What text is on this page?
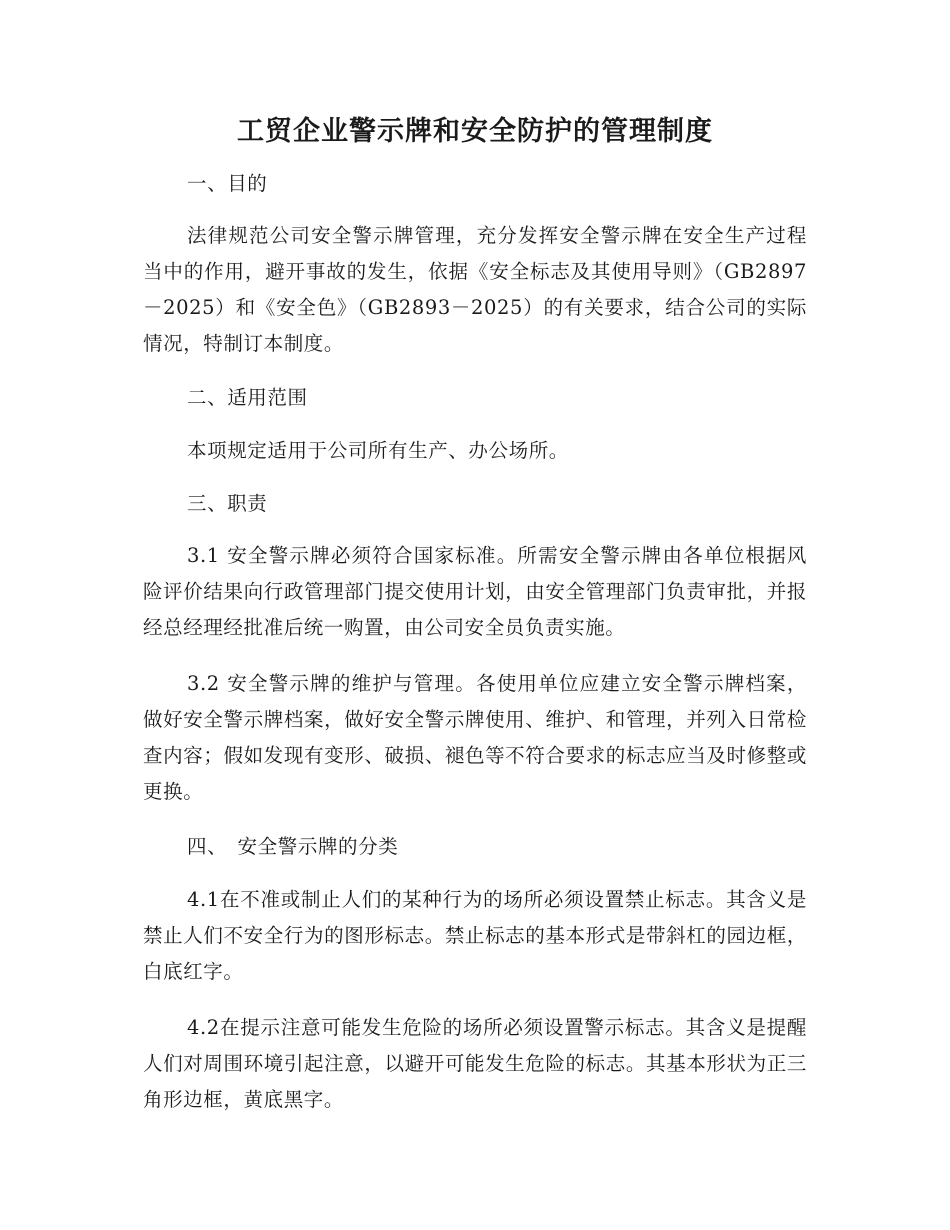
工贸企业警示牌和安全防护的管理制度

一、目的

法律规范公司安全警示牌管理，充分发挥安全警示牌在安全生产过程当中的作用，避开事故的发生，依据《安全标志及其使用导则》（GB2897－2025）和《安全色》（GB2893－2025）的有关要求，结合公司的实际情况，特制订本制度。

二、适用范围

本项规定适用于公司所有生产、办公场所。

三、职责

3.1 安全警示牌必须符合国家标准。所需安全警示牌由各单位根据风险评价结果向行政管理部门提交使用计划，由安全管理部门负责审批，并报经总经理经批准后统一购置，由公司安全员负责实施。

3.2 安全警示牌的维护与管理。各使用单位应建立安全警示牌档案，做好安全警示牌档案，做好安全警示牌使用、维护、和管理，并列入日常检查内容；假如发现有变形、破损、褪色等不符合要求的标志应当及时修整或更换。

四、　安全警示牌的分类

4.1在不准或制止人们的某种行为的场所必须设置禁止标志。其含义是禁止人们不安全行为的图形标志。禁止标志的基本形式是带斜杠的园边框，白底红字。

4.2在提示注意可能发生危险的场所必须设置警示标志。其含义是提醒人们对周围环境引起注意，以避开可能发生危险的标志。其基本形状为正三角形边框，黄底黑字。
